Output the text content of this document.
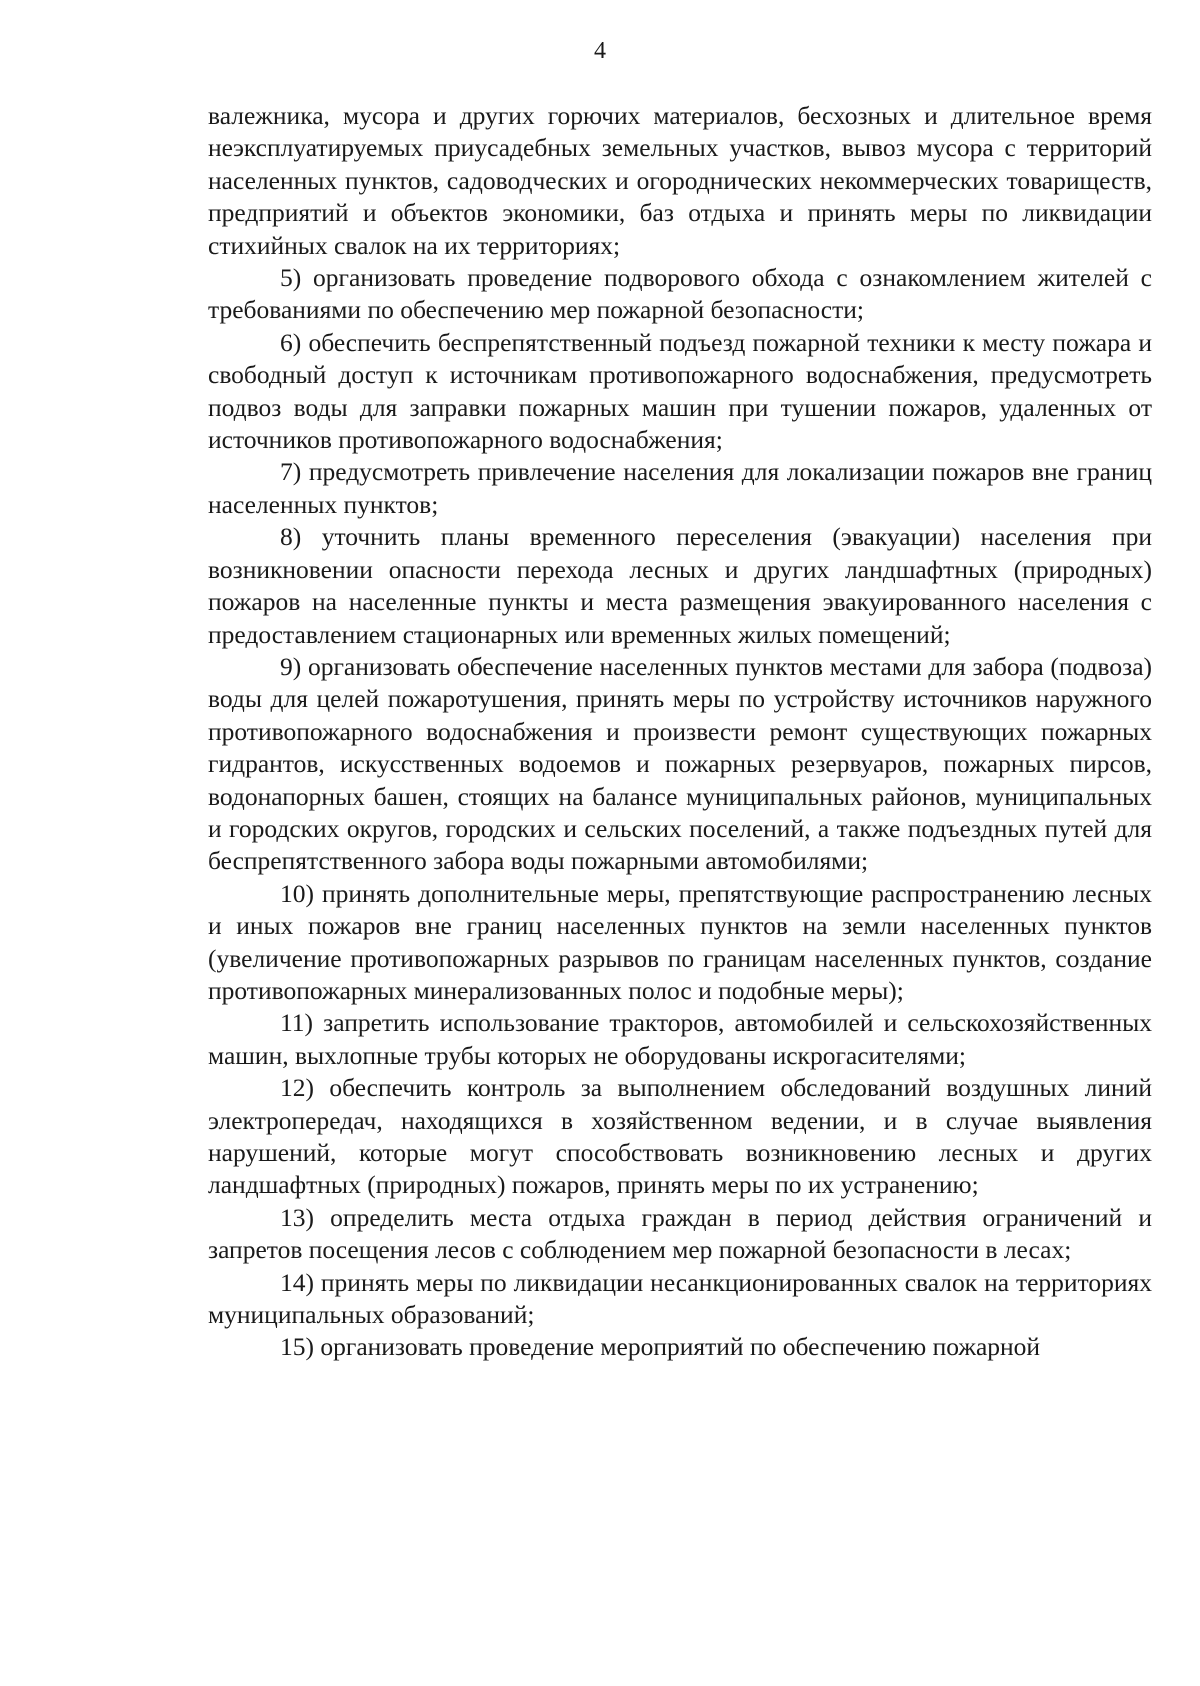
4

валежника, мусора и других горючих материалов, бесхозных и длительное время неэксплуатируемых приусадебных земельных участков, вывоз мусора с территорий населенных пунктов, садоводческих и огороднических некоммерческих товариществ, предприятий и объектов экономики, баз отдыха и принять меры по ликвидации стихийных свалок на их территориях;

5) организовать проведение подворового обхода с ознакомлением жителей с требованиями по обеспечению мер пожарной безопасности;

6) обеспечить беспрепятственный подъезд пожарной техники к месту пожара и свободный доступ к источникам противопожарного водоснабжения, предусмотреть подвоз воды для заправки пожарных машин при тушении пожаров, удаленных от источников противопожарного водоснабжения;

7) предусмотреть привлечение населения для локализации пожаров вне границ населенных пунктов;

8) уточнить планы временного переселения (эвакуации) населения при возникновении опасности перехода лесных и других ландшафтных (природных) пожаров на населенные пункты и места размещения эвакуированного населения с предоставлением стационарных или временных жилых помещений;

9) организовать обеспечение населенных пунктов местами для забора (подвоза) воды для целей пожаротушения, принять меры по устройству источников наружного противопожарного водоснабжения и произвести ремонт существующих пожарных гидрантов, искусственных водоемов и пожарных резервуаров, пожарных пирсов, водонапорных башен, стоящих на балансе муниципальных районов, муниципальных и городских округов, городских и сельских поселений, а также подъездных путей для беспрепятственного забора воды пожарными автомобилями;

10) принять дополнительные меры, препятствующие распространению лесных и иных пожаров вне границ населенных пунктов на земли населенных пунктов (увеличение противопожарных разрывов по границам населенных пунктов, создание противопожарных минерализованных полос и подобные меры);

11) запретить использование тракторов, автомобилей и сельскохозяйственных машин, выхлопные трубы которых не оборудованы искрогасителями;

12) обеспечить контроль за выполнением обследований воздушных линий электропередач, находящихся в хозяйственном ведении, и в случае выявления нарушений, которые могут способствовать возникновению лесных и других ландшафтных (природных) пожаров, принять меры по их устранению;

13) определить места отдыха граждан в период действия ограничений и запретов посещения лесов с соблюдением мер пожарной безопасности в лесах;

14) принять меры по ликвидации несанкционированных свалок на территориях муниципальных образований;

15) организовать проведение мероприятий по обеспечению пожарной
